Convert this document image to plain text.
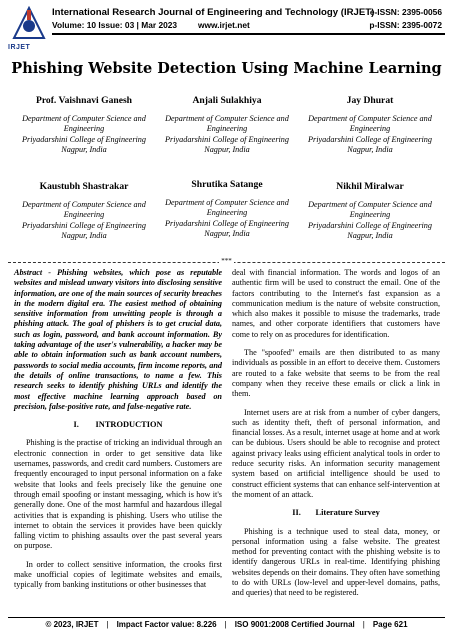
IRJET
International Research Journal of Engineering and Technology (IRJET)
e-ISSN: 2395-0056
Volume: 10 Issue: 03 | Mar 2023 www.irjet.net	p-ISSN: 2395-0072
Phishing Website Detection Using Machine Learning
Prof. Vaishnavi Ganesh
Department of Computer Science and Engineering
Priyadarshini College of Engineering
Nagpur, India
Anjali Sulakhiya
Department of Computer Science and Engineering
Priyadarshini College of Engineering
Nagpur, India
Jay Dhurat
Department of Computer Science and Engineering
Priyadarshini College of Engineering
Nagpur, India
Kaustubh Shastrakar
Department of Computer Science and Engineering
Priyadarshini College of Engineering
Nagpur, India
Shrutika Satange
Department of Computer Science and Engineering
Priyadarshini College of Engineering
Nagpur, India
Nikhil Miralwar
Department of Computer Science and Engineering
Priyadarshini College of Engineering
Nagpur, India
***

Abstract - Phishing websites, which pose as reputable websites and mislead unwary visitors into disclosing sensitive information, are one of the main sources of security breaches in the modern digital era. The easiest method of obtaining sensitive information from unwitting people is through a phishing attack. The goal of phishers is to get crucial data, such as login, password, and bank account information. By taking advantage of the user's vulnerability, a hacker may be able to obtain information such as bank account numbers, passwords to social media accounts, firm income reports, and the details of online transactions, to name a few. This research seeks to identify phishing URLs and identify the most effective machine learning approach based on precision, false-positive rate, and false-negative rate.

I.        INTRODUCTION

Phishing is the practise of tricking an individual through an electronic connection in order to get sensitive data like usernames, passwords, and credit card numbers. Customers are frequently encouraged to input personal information on a fake website that looks and feels precisely like the genuine one through email spoofing or instant messaging, which is how it's generally done. One of the most harmful and hazardous illegal activities that is expanding is phishing. Users who utilise the internet to obtain the services it provides have been quickly falling victim to phishing assaults over the past several years on purpose.

In order to collect sensitive information, the crooks first make unofficial copies of legitimate websites and emails, typically from banking institutions or other businesses that

deal with financial information. The words and logos of an authentic firm will be used to construct the email. One of the factors contributing to the Internet's fast expansion as a communication medium is the nature of website construction, which also makes it possible to misuse the trademarks, trade names, and other corporate identifiers that customers have come to rely on as procedures for identification.

The "spoofed" emails are then distributed to as many individuals as possible in an effort to deceive them. Customers are routed to a fake website that seems to be from the real company when they receive these emails or click a link in them.

Internet users are at risk from a number of cyber dangers, such as identity theft, theft of personal information, and financial losses. As a result, internet usage at home and at work can be dubious. Users should be able to recognise and protect against privacy leaks using efficient analytical tools in order to reduce security risks. An information security management system based on artificial intelligence should be used to construct efficient systems that can enhance self-intervention at the moment of an attack.

II.       Literature Survey

Phishing is a technique used to steal data, money, or personal information using a false website. The greatest method for preventing contact with the phishing website is to identify dangerous URLs in real-time. Identifying phishing websites depends on their domains. They often have something to do with URLs (low-level and upper-level domains, paths, and queries) that need to be registered.

© 2023, IRJET | Impact Factor value: 8.226 | ISO 9001:2008 Certified Journal | Page 621
